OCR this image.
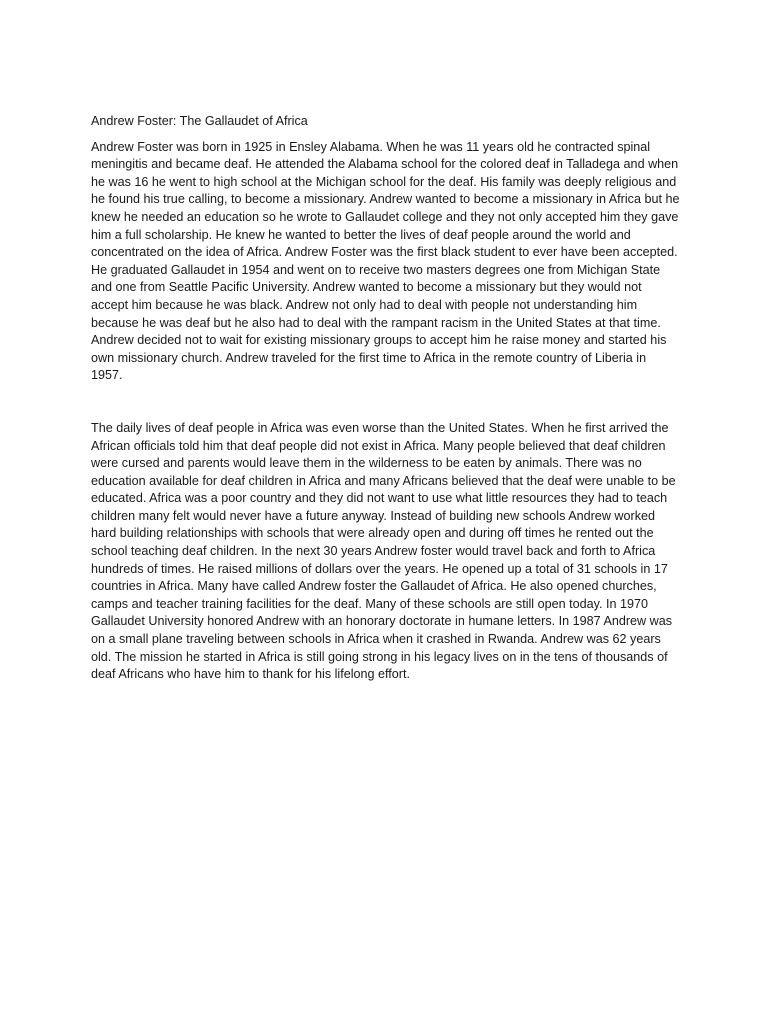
Andrew Foster: The Gallaudet of Africa

Andrew Foster was born in 1925 in Ensley Alabama. When he was 11 years old he contracted spinal meningitis and became deaf. He attended the Alabama school for the colored deaf in Talladega and when he was 16 he went to high school at the Michigan school for the deaf. His family was deeply religious and he found his true calling, to become a missionary. Andrew wanted to become a missionary in Africa but he knew he needed an education so he wrote to Gallaudet college and they not only accepted him they gave him a full scholarship. He knew he wanted to better the lives of deaf people around the world and concentrated on the idea of Africa. Andrew Foster was the first black student to ever have been accepted. He graduated Gallaudet in 1954 and went on to receive two masters degrees one from Michigan State and one from Seattle Pacific University. Andrew wanted to become a missionary but they would not accept him because he was black. Andrew not only had to deal with people not understanding him because he was deaf but he also had to deal with the rampant racism in the United States at that time. Andrew decided not to wait for existing missionary groups to accept him he raise money and started his own missionary church. Andrew traveled for the first time to Africa in the remote country of Liberia in 1957.

The daily lives of deaf people in Africa was even worse than the United States. When he first arrived the African officials told him that deaf people did not exist in Africa. Many people believed that deaf children were cursed and parents would leave them in the wilderness to be eaten by animals. There was no education available for deaf children in Africa and many Africans believed that the deaf were unable to be educated. Africa was a poor country and they did not want to use what little resources they had to teach children many felt would never have a future anyway. Instead of building new schools Andrew worked hard building relationships with schools that were already open and during off times he rented out the school teaching deaf children. In the next 30 years Andrew foster would travel back and forth to Africa hundreds of times. He raised millions of dollars over the years. He opened up a total of 31 schools in 17 countries in Africa. Many have called Andrew foster the Gallaudet of Africa. He also opened churches, camps and teacher training facilities for the deaf. Many of these schools are still open today. In 1970 Gallaudet University honored Andrew with an honorary doctorate in humane letters. In 1987 Andrew was on a small plane traveling between schools in Africa when it crashed in Rwanda. Andrew was 62 years old. The mission he started in Africa is still going strong in his legacy lives on in the tens of thousands of deaf Africans who have him to thank for his lifelong effort.
